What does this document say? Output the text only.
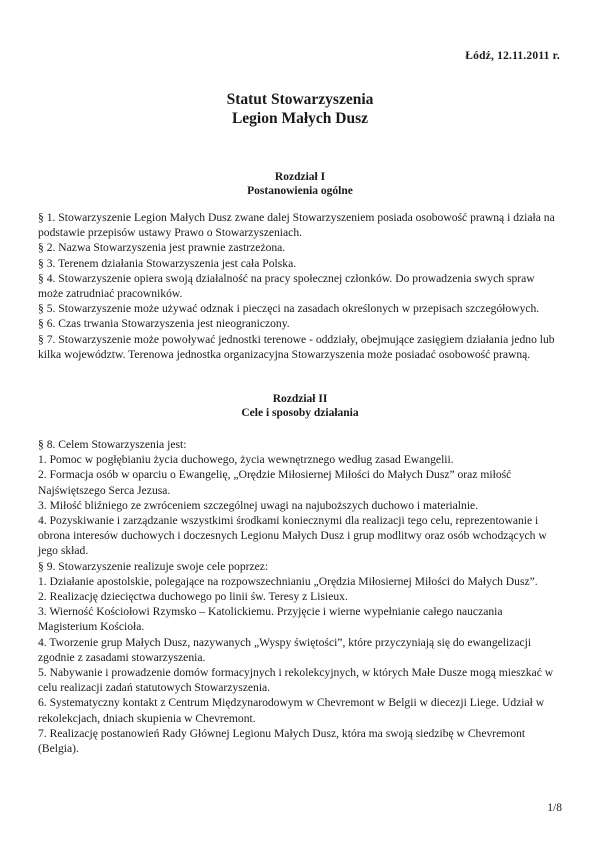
Łódź, 12.11.2011 r.
Statut Stowarzyszenia
Legion Małych Dusz
Rozdział I
Postanowienia ogólne

§ 1. Stowarzyszenie Legion Małych Dusz zwane dalej Stowarzyszeniem posiada osobowość prawną i działa na podstawie przepisów ustawy Prawo o Stowarzyszeniach.

§ 2. Nazwa Stowarzyszenia jest prawnie zastrzeżona.

§ 3. Terenem działania Stowarzyszenia jest cała Polska.

§ 4. Stowarzyszenie opiera swoją działalność na pracy społecznej członków. Do prowadzenia swych spraw może zatrudniać pracowników.

§ 5. Stowarzyszenie może używać odznak i pieczęci na zasadach określonych w przepisach szczegółowych.

§ 6. Czas trwania Stowarzyszenia jest nieograniczony.

§ 7. Stowarzyszenie może powoływać jednostki terenowe - oddziały, obejmujące zasięgiem działania jedno lub kilka województw. Terenowa jednostka organizacyjna Stowarzyszenia może posiadać osobowość prawną.

Rozdział II
Cele i sposoby działania

§ 8. Celem Stowarzyszenia jest:

1. Pomoc w pogłębianiu życia duchowego, życia wewnętrznego według zasad Ewangelii.

2. Formacja osób w oparciu o Ewangelię, „Orędzie Miłosiernej Miłości do Małych Dusz” oraz miłość Najświętszego Serca Jezusa.

3. Miłość bliźniego ze zwróceniem szczególnej uwagi na najuboższych duchowo i materialnie.

4. Pozyskiwanie i zarządzanie wszystkimi środkami koniecznymi dla realizacji tego celu, reprezentowanie i obrona interesów duchowych i doczesnych Legionu Małych Dusz i grup modlitwy oraz osób wchodzących w jego skład.

§ 9. Stowarzyszenie realizuje swoje cele poprzez:

1. Działanie apostolskie, polegające na rozpowszechnianiu „Orędzia Miłosiernej Miłości do Małych Dusz”.

2. Realizację dziecięctwa duchowego po linii św. Teresy z Lisieux.

3. Wierność Kościołowi Rzymsko – Katolickiemu. Przyjęcie i wierne wypełnianie całego nauczania Magisterium Kościoła.

4. Tworzenie grup Małych Dusz, nazywanych „Wyspy świętości”, które przyczyniają się do ewangelizacji zgodnie z zasadami stowarzyszenia.

5. Nabywanie i prowadzenie domów formacyjnych i rekolekcyjnych, w których Małe Dusze mogą mieszkać w celu realizacji zadań statutowych Stowarzyszenia.

6. Systematyczny kontakt z Centrum Międzynarodowym w Chevremont w Belgii w diecezji Liege. Udział w rekolekcjach, dniach skupienia w Chevremont.

7. Realizację postanowień Rady Głównej Legionu Małych Dusz, która ma swoją siedzibę w Chevremont (Belgia).

1/8
